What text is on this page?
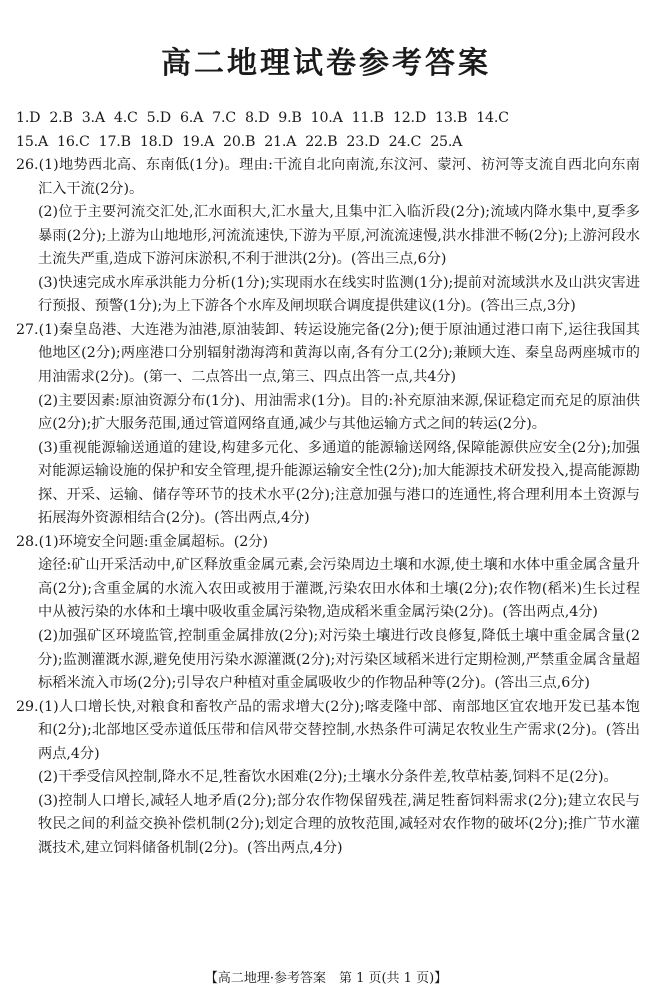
高二地理试卷参考答案
1.D 2.B 3.A 4.C 5.D 6.A 7.C 8.D 9.B 10.A 11.B 12.D 13.B 14.C
15.A 16.C 17.B 18.D 19.A 20.B 21.A 22.B 23.D 24.C 25.A

26.(1)地势西北高、东南低(1分)。理由:干流自北向南流,东汶河、蒙河、祊河等支流自西北向东南汇入干流(2分)。

(2)位于主要河流交汇处,汇水面积大,汇水量大,且集中汇入临沂段(2分);流域内降水集中,夏季多暴雨(2分);上游为山地地形,河流流速快,下游为平原,河流流速慢,洪水排泄不畅(2分);上游河段水土流失严重,造成下游河床淤积,不利于泄洪(2分)。(答出三点,6分)

(3)快速完成水库承洪能力分析(1分);实现雨水在线实时监测(1分);提前对流域洪水及山洪灾害进行预报、预警(1分);为上下游各个水库及闸坝联合调度提供建议(1分)。(答出三点,3分)

27.(1)秦皇岛港、大连港为油港,原油装卸、转运设施完备(2分);便于原油通过港口南下,运往我国其他地区(2分);两座港口分别辐射渤海湾和黄海以南,各有分工(2分);兼顾大连、秦皇岛两座城市的用油需求(2分)。(第一、二点答出一点,第三、四点出答一点,共4分)

(2)主要因素:原油资源分布(1分)、用油需求(1分)。目的:补充原油来源,保证稳定而充足的原油供应(2分);扩大服务范围,通过管道网络直通,减少与其他运输方式之间的转运(2分)。

(3)重视能源输送通道的建设,构建多元化、多通道的能源输送网络,保障能源供应安全(2分);加强对能源运输设施的保护和安全管理,提升能源运输安全性(2分);加大能源技术研发投入,提高能源勘探、开采、运输、储存等环节的技术水平(2分);注意加强与港口的连通性,将合理利用本土资源与拓展海外资源相结合(2分)。(答出两点,4分)

28.(1)环境安全问题:重金属超标。(2分)

途径:矿山开采活动中,矿区释放重金属元素,会污染周边土壤和水源,使土壤和水体中重金属含量升高(2分);含重金属的水流入农田或被用于灌溉,污染农田水体和土壤(2分);农作物(稻米)生长过程中从被污染的水体和土壤中吸收重金属污染物,造成稻米重金属污染(2分)。(答出两点,4分)

(2)加强矿区环境监管,控制重金属排放(2分);对污染土壤进行改良修复,降低土壤中重金属含量(2分);监测灌溉水源,避免使用污染水源灌溉(2分);对污染区域稻米进行定期检测,严禁重金属含量超标稻米流入市场(2分);引导农户种植对重金属吸收少的作物品种等(2分)。(答出三点,6分)

29.(1)人口增长快,对粮食和畜牧产品的需求增大(2分);喀麦隆中部、南部地区宜农地开发已基本饱和(2分);北部地区受赤道低压带和信风带交替控制,水热条件可满足农牧业生产需求(2分)。(答出两点,4分)

(2)干季受信风控制,降水不足,牲畜饮水困难(2分);土壤水分条件差,牧草枯萎,饲料不足(2分)。

(3)控制人口增长,减轻人地矛盾(2分);部分农作物保留残茬,满足牲畜饲料需求(2分);建立农民与牧民之间的利益交换补偿机制(2分);划定合理的放牧范围,减轻对农作物的破坏(2分);推广节水灌溉技术,建立饲料储备机制(2分)。(答出两点,4分)

【高二地理·参考答案　第 1 页(共 1 页)】
